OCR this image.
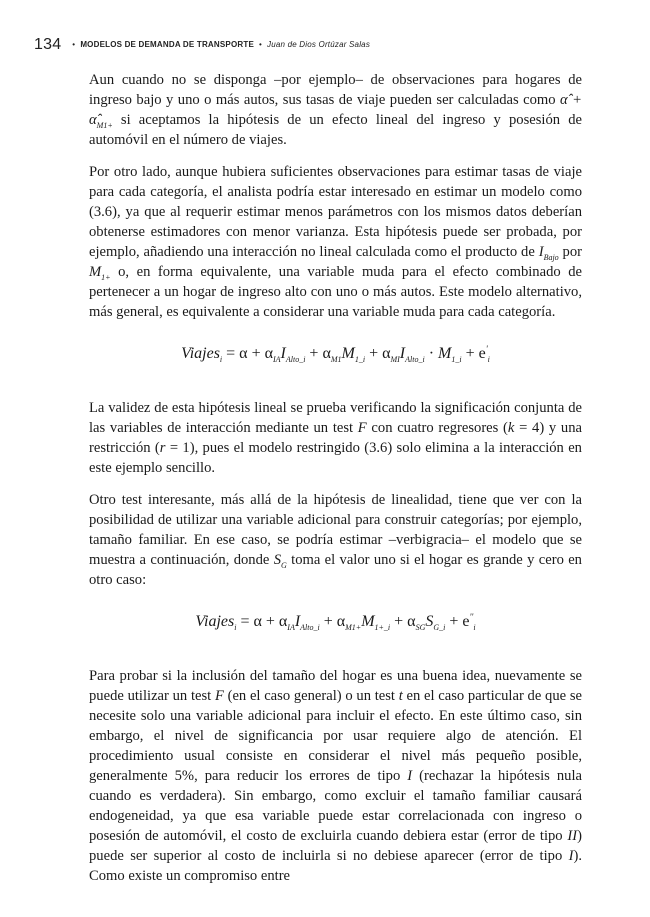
134 • MODELOS DE DEMANDA DE TRANSPORTE • Juan de Dios Ortúzar Salas

Aun cuando no se disponga –por ejemplo– de observaciones para hogares de ingreso bajo y uno o más autos, sus tasas de viaje pueden ser calculadas como α̂ + $\alphâ_{M1+}$ si aceptamos la hipótesis de un efecto lineal del ingreso y posesión de automóvil en el número de viajes.

Por otro lado, aunque hubiera suficientes observaciones para estimar tasas de viaje para cada categoría, el analista podría estar interesado en estimar un modelo como (3.6), ya que al requerir estimar menos parámetros con los mismos datos deberían obtenerse estimadores con menor varianza. Esta hipótesis puede ser probada, por ejemplo, añadiendo una interacción no lineal calculada como el producto de $I_{Bajo}$ por $M_{1+}$ o, en forma equivalente, una variable muda para el efecto combinado de pertenecer a un hogar de ingreso alto con uno o más autos. Este modelo alternativo, más general, es equivalente a considerar una variable muda para cada categoría.

Viajes$_i$ = $\alpha + \alpha_{IA}I_{Alto\_i} + \alpha_{M1}M_{1\_i} + \alpha_{MI}I_{Alto\_i} \cdot M_{1\_i} + e'_i$

La validez de esta hipótesis lineal se prueba verificando la significación conjunta de las variables de interacción mediante un test F con cuatro regresores (k = 4) y una restricción (r = 1), pues el modelo restringido (3.6) solo elimina a la interacción en este ejemplo sencillo.

Otro test interesante, más allá de la hipótesis de linealidad, tiene que ver con la posibilidad de utilizar una variable adicional para construir categorías; por ejemplo, tamaño familiar. En ese caso, se podría estimar –verbigracia– el modelo que se muestra a continuación, donde $S_G$ toma el valor uno si el hogar es grande y cero en otro caso:

Viajes$_i$ = $\alpha + \alpha_{IA}I_{Alto\_i} + \alpha_{M1+}M_{1+\_i} + \alpha_{SG}S_{G\_i} + e''_i$

Para probar si la inclusión del tamaño del hogar es una buena idea, nuevamente se puede utilizar un test F (en el caso general) o un test t en el caso particular de que se necesite solo una variable adicional para incluir el efecto. En este último caso, sin embargo, el nivel de significancia por usar requiere algo de atención. El procedimiento usual consiste en considerar el nivel más pequeño posible, generalmente 5%, para reducir los errores de tipo I (rechazar la hipótesis nula cuando es verdadera). Sin embargo, como excluir el tamaño familiar causará endogeneidad, ya que esa variable puede estar correlacionada con ingreso o posesión de automóvil, el costo de excluirla cuando debiera estar (error de tipo II) puede ser superior al costo de incluirla si no debiese aparecer (error de tipo I). Como existe un compromiso entre
